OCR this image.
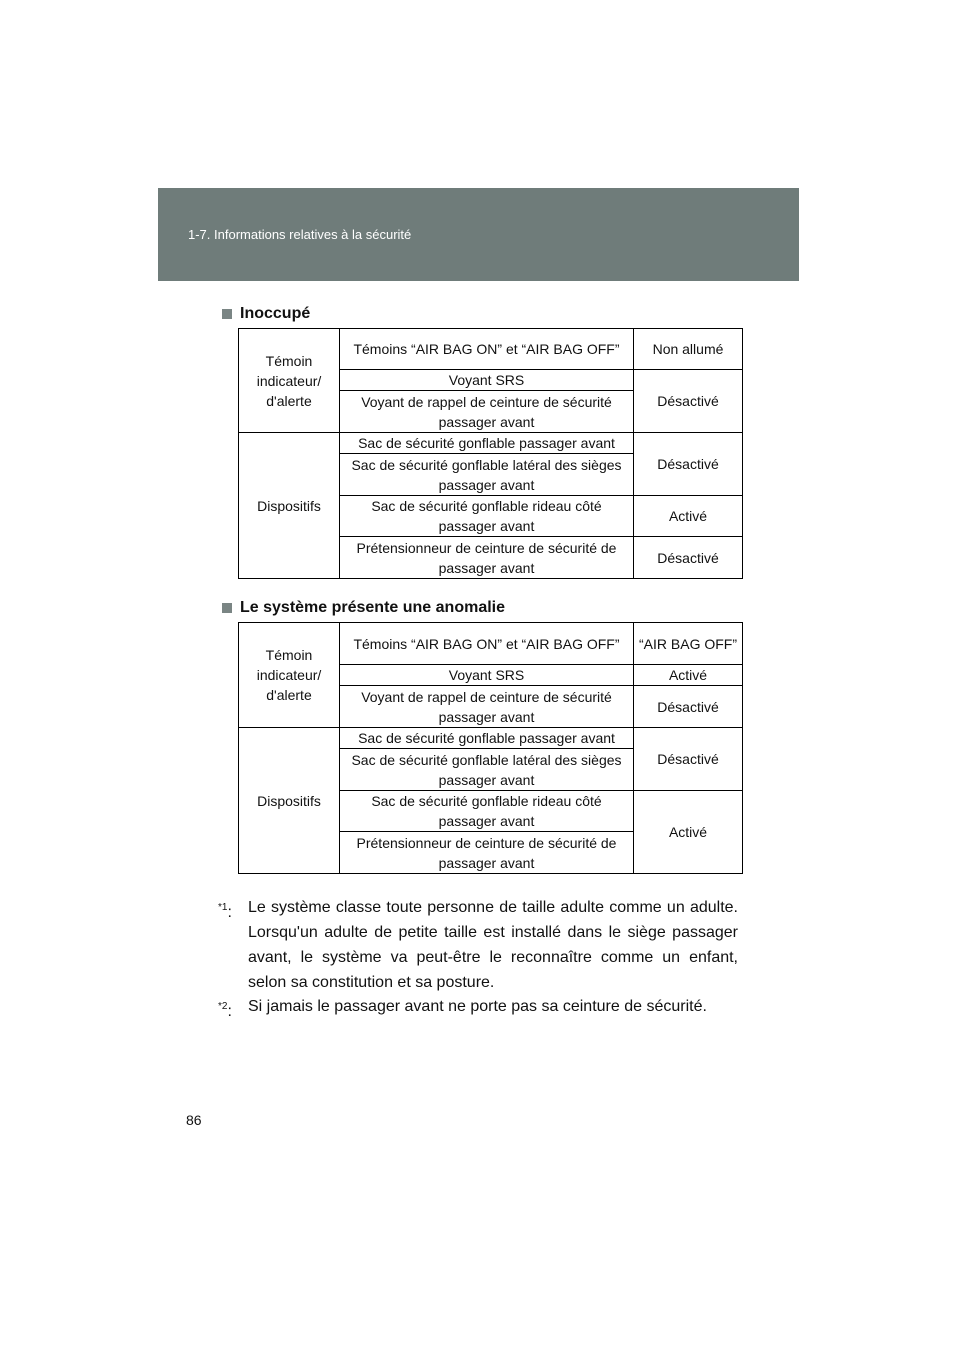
1-7. Informations relatives à la sécurité
Inoccupé
Témoin indicateur/ d'alerte	Témoins “AIR BAG ON” et “AIR BAG OFF”	Non allumé
	Voyant SRS	Désactivé
	Voyant de rappel de ceinture de sécurité passager avant	
Dispositifs	Sac de sécurité gonflable passager avant	Désactivé
	Sac de sécurité gonflable latéral des sièges passager avant	
	Sac de sécurité gonflable rideau côté passager avant	Activé
	Prétensionneur de ceinture de sécurité de passager avant	Désactivé
Le système présente une anomalie
Témoin indicateur/ d'alerte	Témoins “AIR BAG ON” et “AIR BAG OFF”	“AIR BAG OFF”
	Voyant SRS	Activé
	Voyant de rappel de ceinture de sécurité passager avant	Désactivé
Dispositifs	Sac de sécurité gonflable passager avant	Désactivé
	Sac de sécurité gonflable latéral des sièges passager avant	
	Sac de sécurité gonflable rideau côté passager avant	Activé
	Prétensionneur de ceinture de sécurité de passager avant	
$^{*1}$:	Le système classe toute personne de taille adulte comme un adulte. Lorsqu'un adulte de petite taille est installé dans le siège passager avant, le système va peut-être le reconnaître comme un enfant, selon sa constitution et sa posture.
$^{*2}$:	Si jamais le passager avant ne porte pas sa ceinture de sécurité.
86
